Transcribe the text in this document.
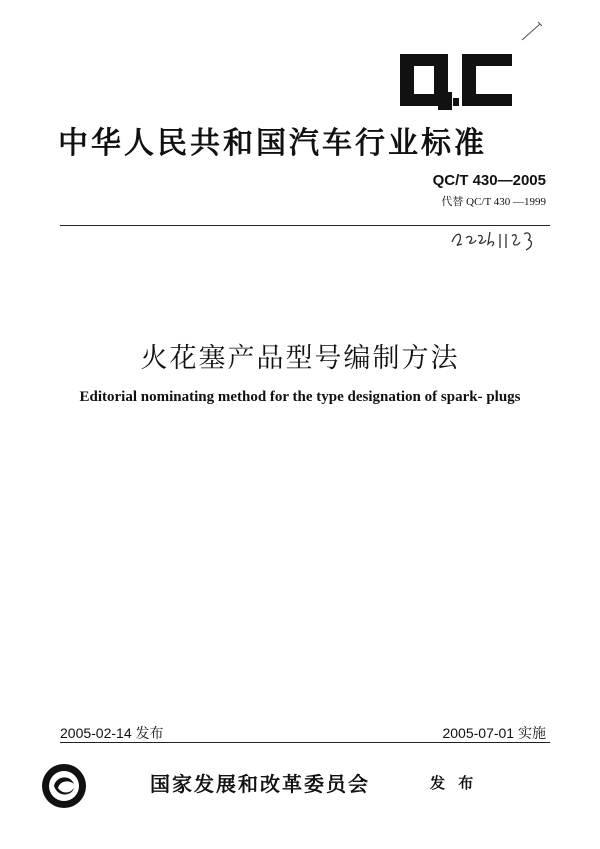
中华人民共和国汽车行业标准
QC/T 430—2005
代替 QC/T 430 —1999
火花塞产品型号编制方法
Editorial nominating method for the type designation of spark- plugs
2005-02-14 发布	2005-07-01 实施
国家发展和改革委员会	发 布
